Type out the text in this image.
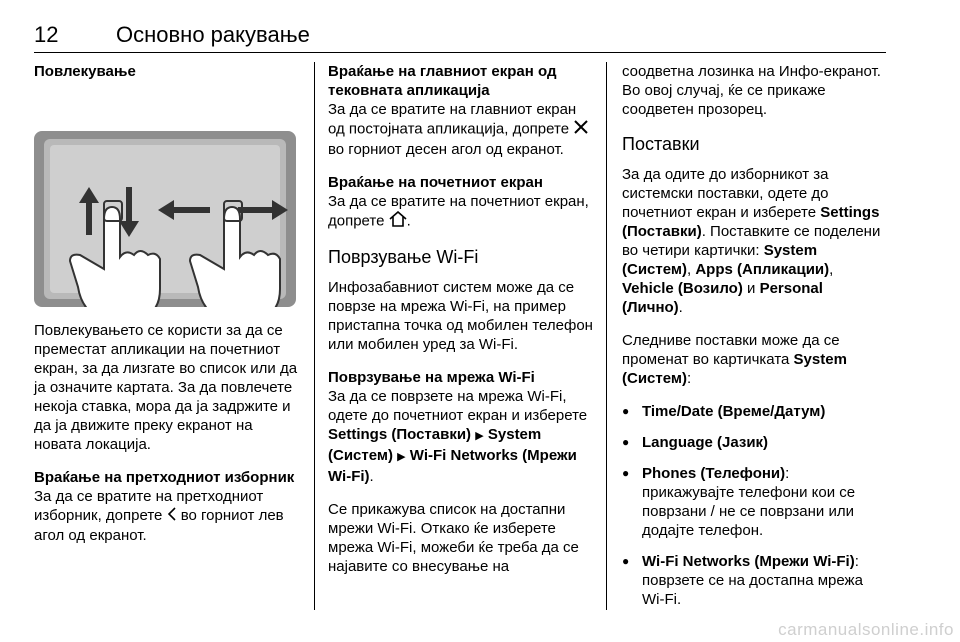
12	Основно ракување

Повлекување

Повлекувањето се користи за да се преместат апликации на почетниот екран, за да лизгате во список или да ја означите картата. За да повлечете некоја ставка, мора да ја задржите и да ја движите преку екранот на новата локација.

Враќање на претходниот изборник

За да се вратите на претходниот изборник, допрете во горниот лев агол од екранот.

Враќање на главниот екран од тековната апликација

За да се вратите на главниот екран од постојната апликација, допрете  во горниот десен агол од екранот.

Враќање на почетниот екран

За да се вратите на почетниот екран, допрете .

Поврзување Wi-Fi

Инфозабавниот систем може да се поврзе на мрежа Wi-Fi, на пример пристапна точка од мобилен телефон или мобилен уред за Wi-Fi.

Поврзување на мрежа Wi-Fi

За да се поврзете на мрежа Wi-Fi, одете до почетниот екран и изберете Settings (Поставки) ▶ System (Систем) ▶ Wi-Fi Networks (Мрежи Wi-Fi).

Се прикажува список на достапни мрежи Wi-Fi. Откако ќе изберете мрежа Wi-Fi, можеби ќе треба да се најавите со внесување на

соодветна лозинка на Инфо-екранот. Во овој случај, ќе се прикаже соодветен прозорец.

Поставки

За да одите до изборникот за системски поставки, одете до почетниот екран и изберете Settings (Поставки). Поставките се поделени во четири картички: System (Систем), Apps (Апликации), Vehicle (Возило) и Personal (Лично).

Следниве поставки може да се променат во картичката System (Систем):

● Time/Date (Време/Датум)
● Language (Јазик)
● Phones (Телефони):
прикажувајте телефони кои се поврзани / не се поврзани или додајте телефон.
● Wi-Fi Networks (Мрежи Wi-Fi):
поврзете се на достапна мрежа Wi-Fi.
carmanualsonline.info
